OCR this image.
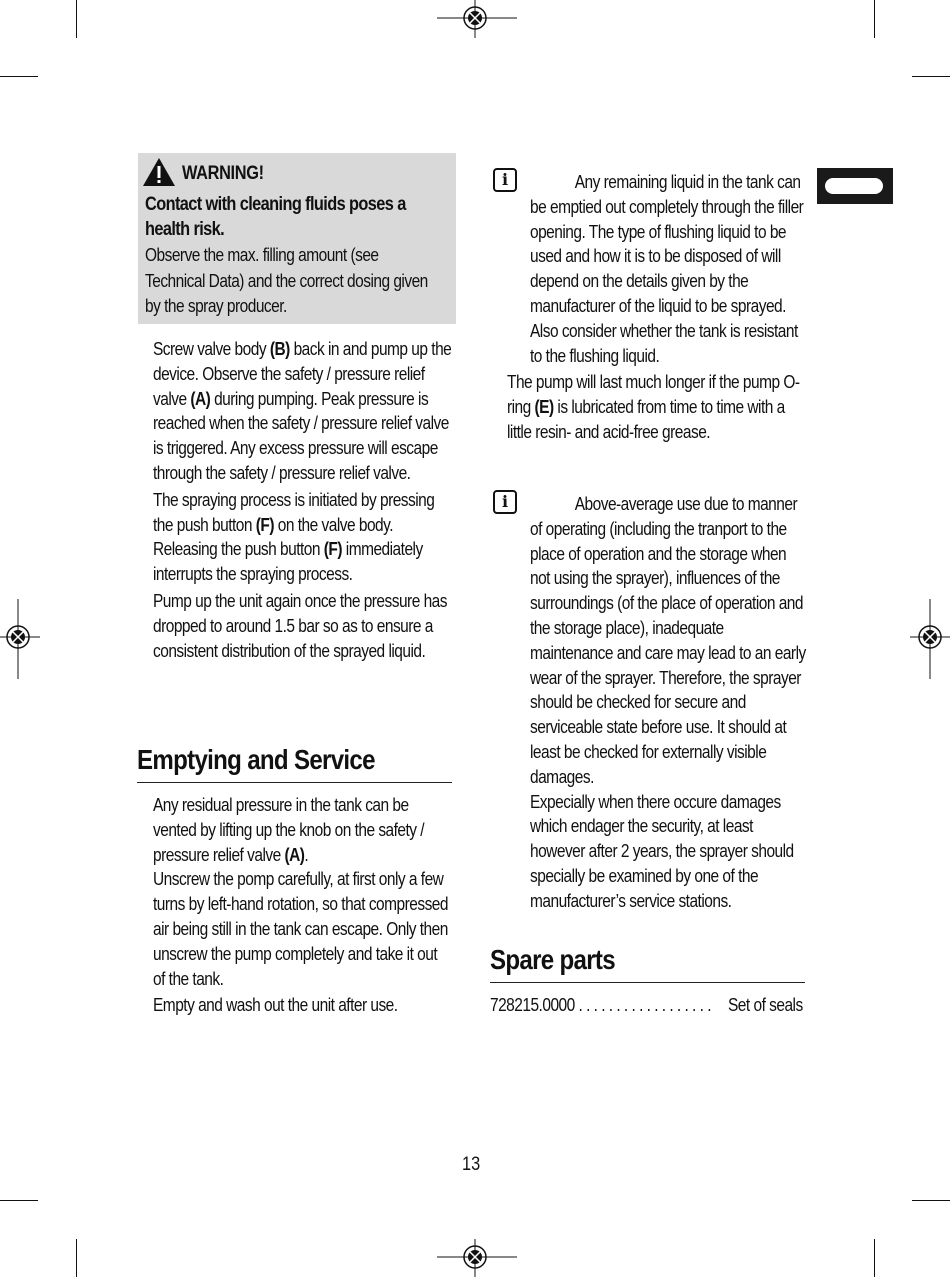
WARNING!
Contact with cleaning fluids poses a health risk.
Observe the max. filling amount (see Technical Data) and the correct dosing given by the spray producer.

Screw valve body (B) back in and pump up the device. Observe the safety / pressure relief valve (A) during pumping. Peak pressure is reached when the safety / pressure relief valve is triggered. Any excess pressure will escape through the safety / pressure relief valve.

The spraying process is initiated by pressing the push button (F) on the valve body. Releasing the push button (F) immediately interrupts the spraying process.

Pump up the unit again once the pressure has dropped to around 1.5 bar so as to ensure a consistent distribution of the sprayed liquid.

Emptying and Service

Any residual pressure in the tank can be vented by lifting up the knob on the safety / pressure relief valve (A).

Unscrew the pomp carefully, at first only a few turns by left-hand rotation, so that compressed air being still in the tank can escape. Only then unscrew the pump completely and take it out of the tank.

Empty and wash out the unit after use.

i	Any remaining liquid in the tank can be emptied out completely through the filler opening. The type of flushing liquid to be used and how it is to be disposed of will depend on the details given by the manufacturer of the liquid to be sprayed. Also consider whether the tank is resistant to the flushing liquid.
The pump will last much longer if the pump O-ring (E) is lubricated from time to time with a little resin- and acid-free grease.
i	Above-average use due to manner of operating (including the tranport to the place of operation and the storage when not using the sprayer), influences of the surroundings (of the place of operation and the storage place), inadequate maintenance and care may lead to an early wear of the sprayer. Therefore, the sprayer should be checked for secure and serviceable state before use. It should at least be checked for externally visible damages.

Expecially when there occure damages which endager the security, at least however after 2 years, the sprayer should specially be examined by one of the manufacturer’s service stations.

Spare parts
728215.0000 . . . . . . . . . . . . . . . . . . Set of seals
13
